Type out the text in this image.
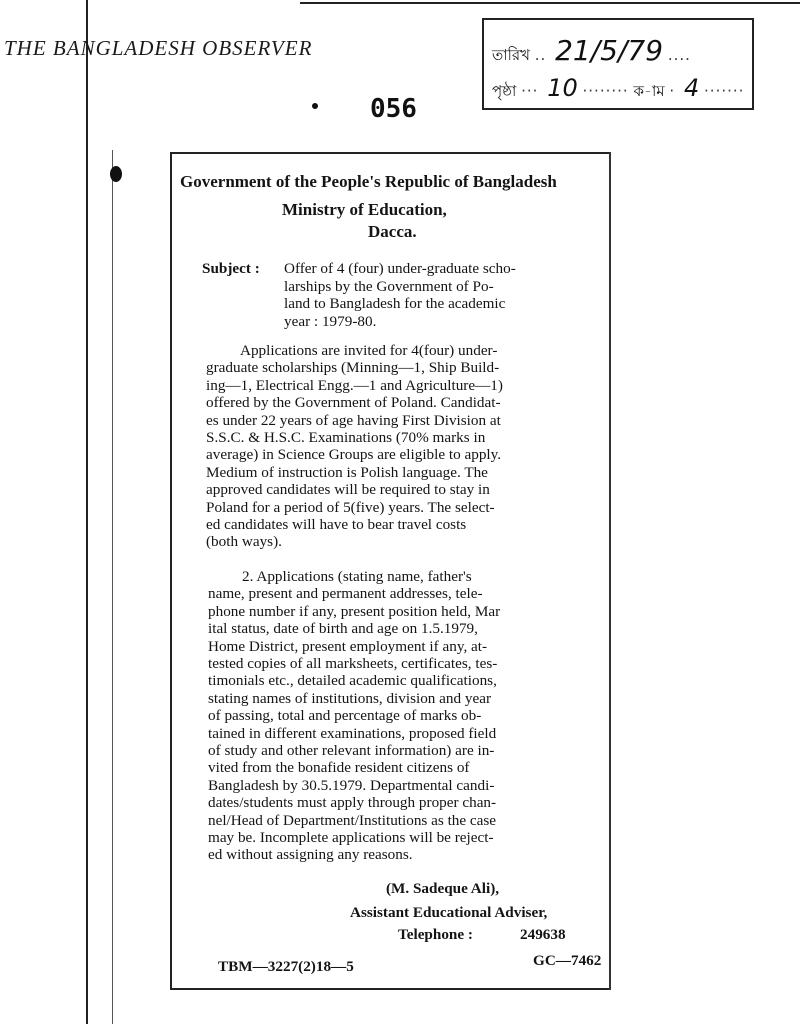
THE BANGLADESH OBSERVER	তারিখ .. 21/5/79 ....
পৃষ্ঠা ··· 10 ········ ক-াম · 4 ·······
056
Government of the People's Republic of Bangladesh
Ministry of Education,
Dacca.
Subject : Offer of 4 (four) under-graduate scho-
larships by the Government of Po-
land to Bangladesh for the academic
year : 1979-80.
Applications are invited for 4(four) under-
graduate scholarships (Minning—1, Ship Build-
ing—1, Electrical Engg.—1 and Agriculture—1)
offered by the Government of Poland. Candidat-
es under 22 years of age having First Division at
S.S.C. & H.S.C. Examinations (70% marks in
average) in Science Groups are eligible to apply.
Medium of instruction is Polish language. The
approved candidates will be required to stay in
Poland for a period of 5(five) years. The select-
ed candidates will have to bear travel costs
(both ways).
2. Applications (stating name, father's
name, present and permanent addresses, tele-
phone number if any, present position held, Mar
ital status, date of birth and age on 1.5.1979,
Home District, present employment if any, at-
tested copies of all marksheets, certificates, tes-
timonials etc., detailed academic qualifications,
stating names of institutions, division and year
of passing, total and percentage of marks ob-
tained in different examinations, proposed field
of study and other relevant information) are in-
vited from the bonafide resident citizens of
Bangladesh by 30.5.1979. Departmental candi-
dates/students must apply through proper chan-
nel/Head of Department/Institutions as the case
may be. Incomplete applications will be reject-
ed without assigning any reasons.
(M. Sadeque Ali),
Assistant Educational Adviser,
Telephone :	249638
TBM—3227(2)18—5	GC—7462
